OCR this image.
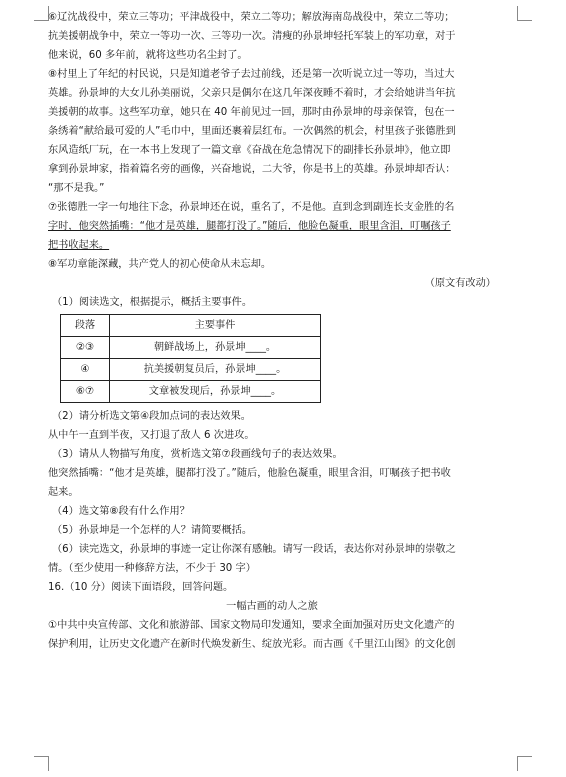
⑥辽沈战役中，荣立三等功；平津战役中，荣立二等功；解放海南岛战役中，荣立二等功；
抗美援朝战争中，荣立一等功一次、三等功一次。清瘦的孙景坤轻托军装上的军功章，对于
他来说，60 多年前，就将这些功名尘封了。
⑧村里上了年纪的村民说，只是知道老爷子去过前线，还是第一次听说立过一等功，当过大
英雄。孙景坤的大女儿孙美丽说，父亲只是偶尔在这几年深夜睡不着时，才会给她讲当年抗
美援朝的故事。这些军功章，她只在 40 年前见过一回，那时由孙景坤的母亲保管，包在一
条绣着“献给最可爱的人”毛巾中，里面还裹着层红布。一次偶然的机会，村里孩子张德胜到
东风造纸厂玩，在一本书上发现了一篇文章《奋战在危急情况下的副排长孙景坤》，他立即
拿到孙景坤家，指着篇名旁的画像，兴奋地说，二大爷，你是书上的英雄。孙景坤却否认：
“那不是我。”
⑦张德胜一字一句地往下念，孙景坤还在说，重名了，不是他。直到念到副连长支金胜的名
字时，他突然插嘴：“他才是英雄，腿都打没了。”随后，他脸色凝重，眼里含泪，叮嘱孩子
把书收起来。
⑧军功章能深藏，共产党人的初心使命从未忘却。
（原文有改动）
（1）阅读选文，根据提示，概括主要事件。
段落	主要事件
②③	朝鲜战场上，孙景坤____。
④	抗美援朝复员后，孙景坤____。
⑥⑦	文章被发现后，孙景坤____。
（2）请分析选文第④段加点词的表达效果。
从中午一直到半夜，又打退了敌人 6 次进攻。
（3）请从人物描写角度，赏析选文第⑦段画线句子的表达效果。
他突然插嘴：“他才是英雄，腿都打没了。”随后，他脸色凝重，眼里含泪，叮嘱孩子把书收
起来。
（4）选文第⑧段有什么作用？
（5）孙景坤是一个怎样的人？请简要概括。
（6）读完选文，孙景坤的事迹一定让你深有感触。请写一段话，表达你对孙景坤的崇敬之
情。（至少使用一种修辞方法，不少于 30 字）
16.（10 分）阅读下面语段，回答问题。
一幅古画的动人之旅
①中共中央宣传部、文化和旅游部、国家文物局印发通知，要求全面加强对历史文化遗产的
保护利用，让历史文化遗产在新时代焕发新生、绽放光彩。而古画《千里江山图》的文化创
